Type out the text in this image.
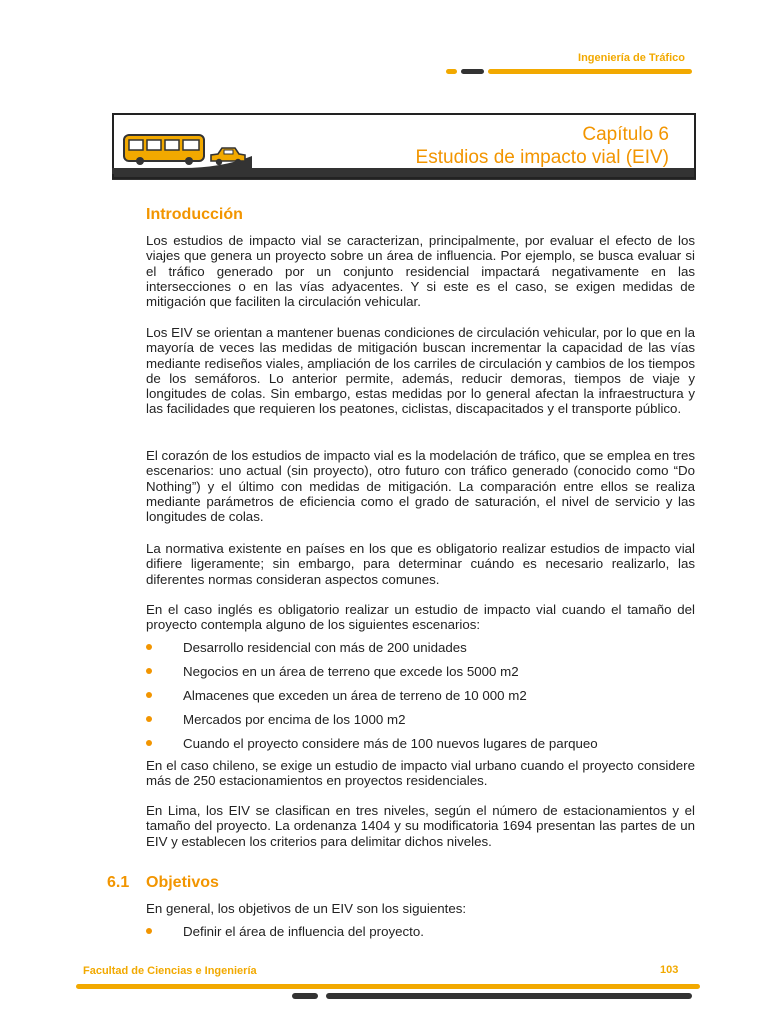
Ingeniería de Tráfico
Capítulo 6
Estudios de impacto vial (EIV)
Introducción

Los estudios de impacto vial se caracterizan, principalmente, por evaluar el efecto de los viajes que genera un proyecto sobre un área de influencia. Por ejemplo, se busca evaluar si el tráfico generado por un conjunto residencial impactará negativamente en las intersecciones o en las vías adyacentes. Y si este es el caso, se exigen medidas de mitigación que faciliten la circulación vehicular.

Los EIV se orientan a mantener buenas condiciones de circulación vehicular, por lo que en la mayoría de veces las medidas de mitigación buscan incrementar la capacidad de las vías mediante rediseños viales, ampliación de los carriles de circulación y cambios de los tiempos de los semáforos. Lo anterior permite, además, reducir demoras, tiempos de viaje y longitudes de colas. Sin embargo, estas medidas por lo general afectan la infraestructura y las facilidades que requieren los peatones, ciclistas, discapacitados y el transporte público.

El corazón de los estudios de impacto vial es la modelación de tráfico, que se emplea en tres escenarios: uno actual (sin proyecto), otro futuro con tráfico generado (conocido como “Do Nothing”) y el último con medidas de mitigación. La comparación entre ellos se realiza mediante parámetros de eficiencia como el grado de saturación, el nivel de servicio y las longitudes de colas.

La normativa existente en países en los que es obligatorio realizar estudios de impacto vial difiere ligeramente; sin embargo, para determinar cuándo es necesario realizarlo, las diferentes normas consideran aspectos comunes.

En el caso inglés es obligatorio realizar un estudio de impacto vial cuando el tamaño del proyecto contempla alguno de los siguientes escenarios:

Desarrollo residencial con más de 200 unidades
Negocios en un área de terreno que excede los 5000 m2
Almacenes que exceden un área de terreno de 10 000 m2
Mercados por encima de los 1000 m2
Cuando el proyecto considere más de 100 nuevos lugares de parqueo

En el caso chileno, se exige un estudio de impacto vial urbano cuando el proyecto considere más de 250 estacionamientos en proyectos residenciales.

En Lima, los EIV se clasifican en tres niveles, según el número de estacionamientos y el tamaño del proyecto. La ordenanza 1404 y su modificatoria 1694 presentan las partes de un EIV y establecen los criterios para delimitar dichos niveles.

6.1 Objetivos

En general, los objetivos de un EIV son los siguientes:

Definir el área de influencia del proyecto.
Facultad de Ciencias e Ingeniería	103
